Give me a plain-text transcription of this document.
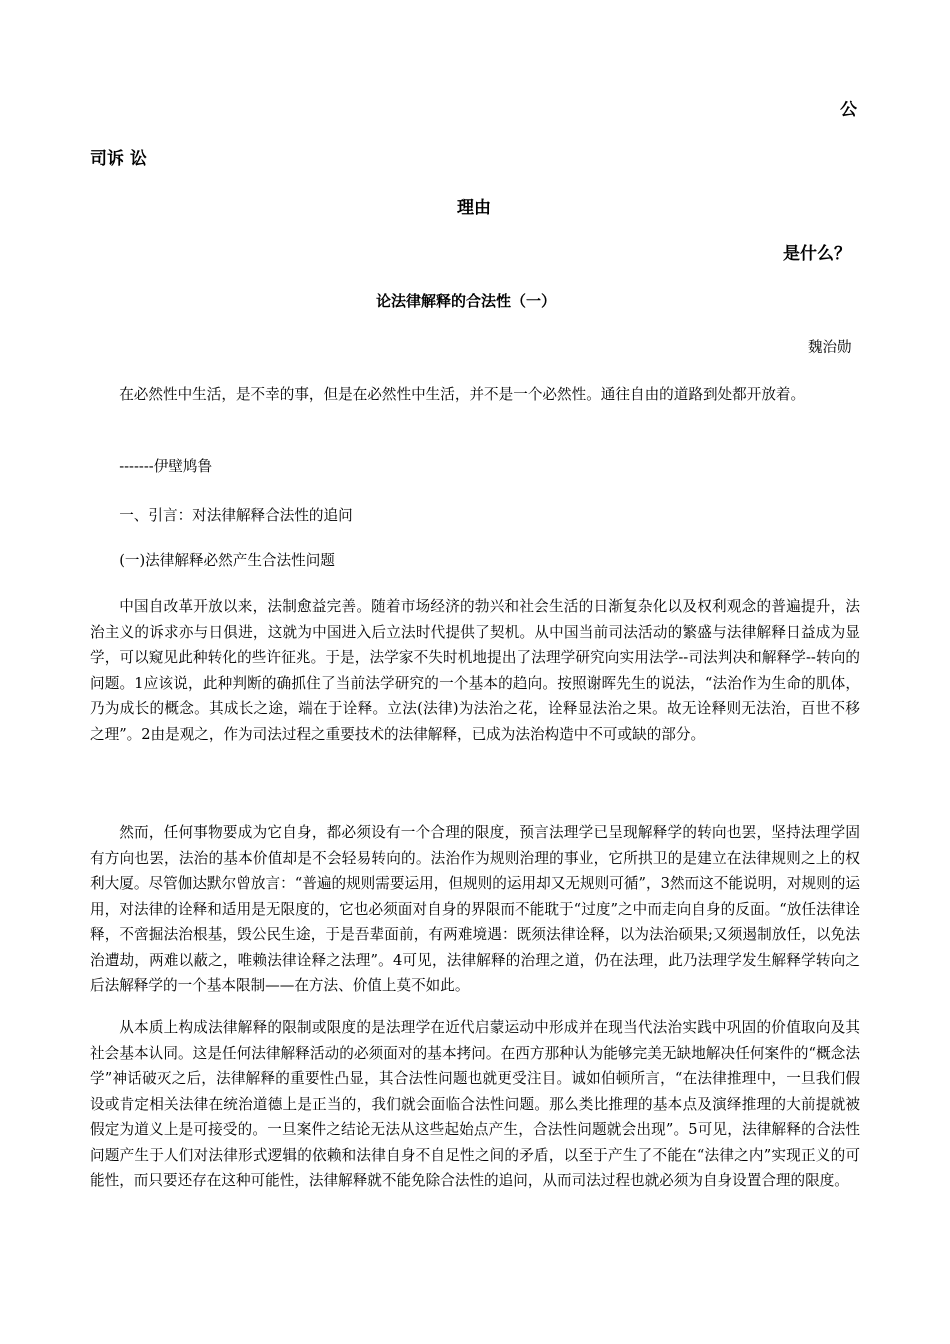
公
司诉 讼
理由
是什么？
论法律解释的合法性（一）
魏治勋

在必然性中生活，是不幸的事，但是在必然性中生活，并不是一个必然性。通往自由的道路到处都开放着。

-------伊壁鸠鲁

一、引言：对法律解释合法性的追问

(一)法律解释必然产生合法性问题

中国自改革开放以来，法制愈益完善。随着市场经济的勃兴和社会生活的日渐复杂化以及权利观念的普遍提升，法治主义的诉求亦与日俱进，这就为中国进入后立法时代提供了契机。从中国当前司法活动的繁盛与法律解释日益成为显学，可以窥见此种转化的些许征兆。于是，法学家不失时机地提出了法理学研究向实用法学--司法判决和解释学--转向的问题。1应该说，此种判断的确抓住了当前法学研究的一个基本的趋向。按照谢晖先生的说法，“法治作为生命的肌体，乃为成长的概念。其成长之途，端在于诠释。立法(法律)为法治之花，诠释显法治之果。故无诠释则无法治，百世不移之理”。2由是观之，作为司法过程之重要技术的法律解释，已成为法治构造中不可或缺的部分。

然而，任何事物要成为它自身，都必须设有一个合理的限度，预言法理学已呈现解释学的转向也罢，坚持法理学固有方向也罢，法治的基本价值却是不会轻易转向的。法治作为规则治理的事业，它所拱卫的是建立在法律规则之上的权利大厦。尽管伽达默尔曾放言：“普遍的规则需要运用，但规则的运用却又无规则可循”，3然而这不能说明，对规则的运用，对法律的诠释和适用是无限度的，它也必须面对自身的界限而不能耽于“过度”之中而走向自身的反面。“放任法律诠释，不啻掘法治根基，毁公民生途，于是吾辈面前，有两难境遇：既须法律诠释，以为法治硕果;又须遏制放任，以免法治遭劫，两难以蔽之，唯赖法律诠释之法理”。4可见，法律解释的治理之道，仍在法理，此乃法理学发生解释学转向之后法解释学的一个基本限制——在方法、价值上莫不如此。

从本质上构成法律解释的限制或限度的是法理学在近代启蒙运动中形成并在现当代法治实践中巩固的价值取向及其社会基本认同。这是任何法律解释活动的必须面对的基本拷问。在西方那种认为能够完美无缺地解决任何案件的“概念法学”神话破灭之后，法律解释的重要性凸显，其合法性问题也就更受注目。诚如伯顿所言，“在法律推理中，一旦我们假设或肯定相关法律在统治道德上是正当的，我们就会面临合法性问题。那么类比推理的基本点及演绎推理的大前提就被假定为道义上是可接受的。一旦案件之结论无法从这些起始点产生，合法性问题就会出现”。5可见，法律解释的合法性问题产生于人们对法律形式逻辑的依赖和法律自身不自足性之间的矛盾，以至于产生了不能在“法律之内”实现正义的可能性，而只要还存在这种可能性，法律解释就不能免除合法性的追问，从而司法过程也就必须为自身设置合理的限度。
